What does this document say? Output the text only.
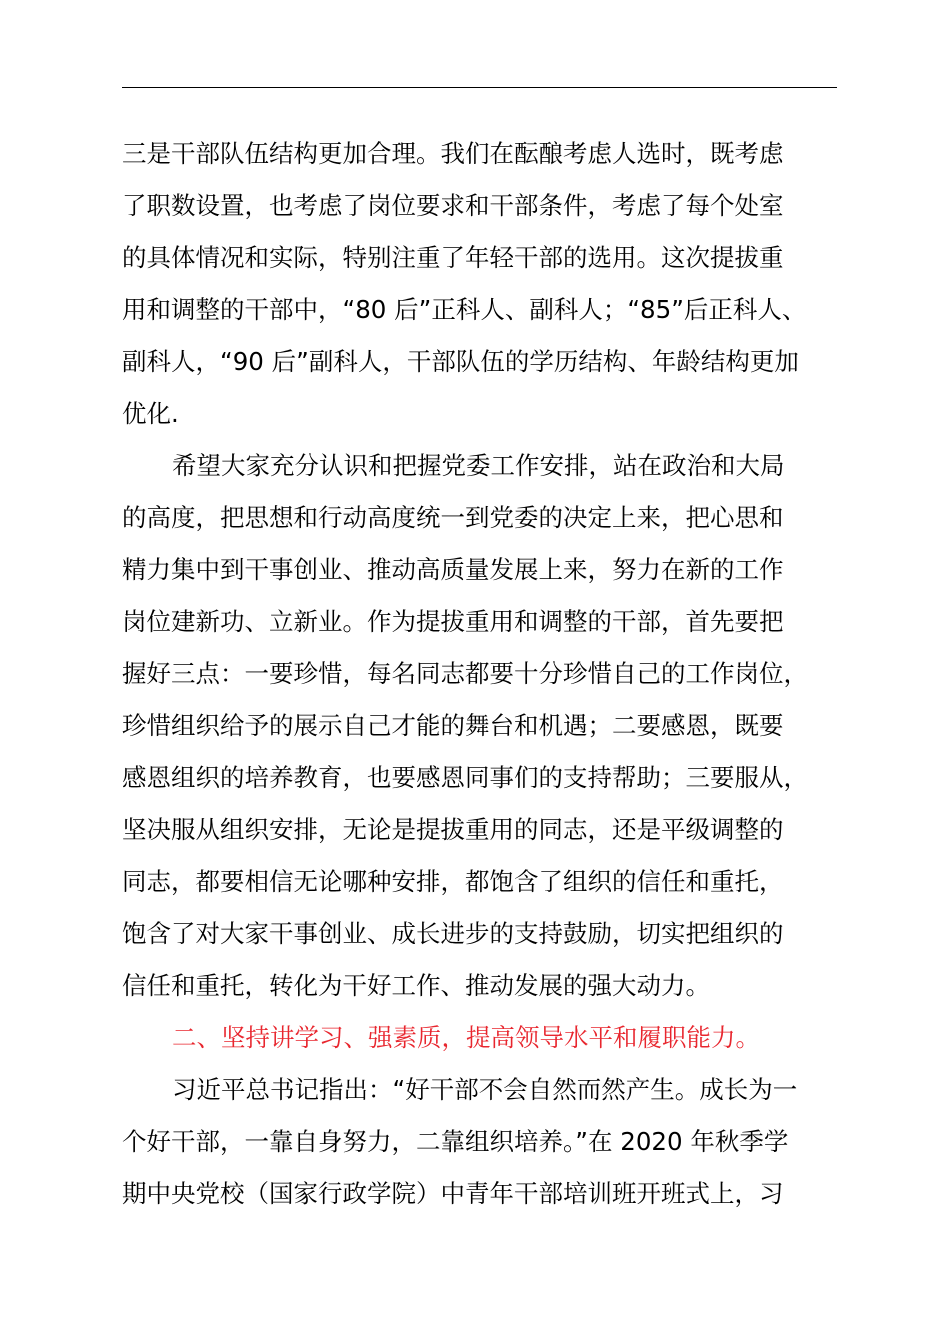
三是干部队伍结构更加合理。我们在酝酿考虑人选时，既考虑
了职数设置，也考虑了岗位要求和干部条件，考虑了每个处室
的具体情况和实际，特别注重了年轻干部的选用。这次提拔重
用和调整的干部中，“80 后”正科人、副科人；“85”后正科人、
副科人，“90 后”副科人，干部队伍的学历结构、年龄结构更加
优化.
希望大家充分认识和把握党委工作安排，站在政治和大局
的高度，把思想和行动高度统一到党委的决定上来，把心思和
精力集中到干事创业、推动高质量发展上来，努力在新的工作
岗位建新功、立新业。作为提拔重用和调整的干部，首先要把
握好三点：一要珍惜，每名同志都要十分珍惜自己的工作岗位，
珍惜组织给予的展示自己才能的舞台和机遇；二要感恩，既要
感恩组织的培养教育，也要感恩同事们的支持帮助；三要服从，
坚决服从组织安排，无论是提拔重用的同志，还是平级调整的
同志，都要相信无论哪种安排，都饱含了组织的信任和重托，
饱含了对大家干事创业、成长进步的支持鼓励，切实把组织的
信任和重托，转化为干好工作、推动发展的强大动力。
二、坚持讲学习、强素质，提高领导水平和履职能力。
习近平总书记指出：“好干部不会自然而然产生。成长为一
个好干部，一靠自身努力，二靠组织培养。”在 2020 年秋季学
期中央党校（国家行政学院）中青年干部培训班开班式上，习
